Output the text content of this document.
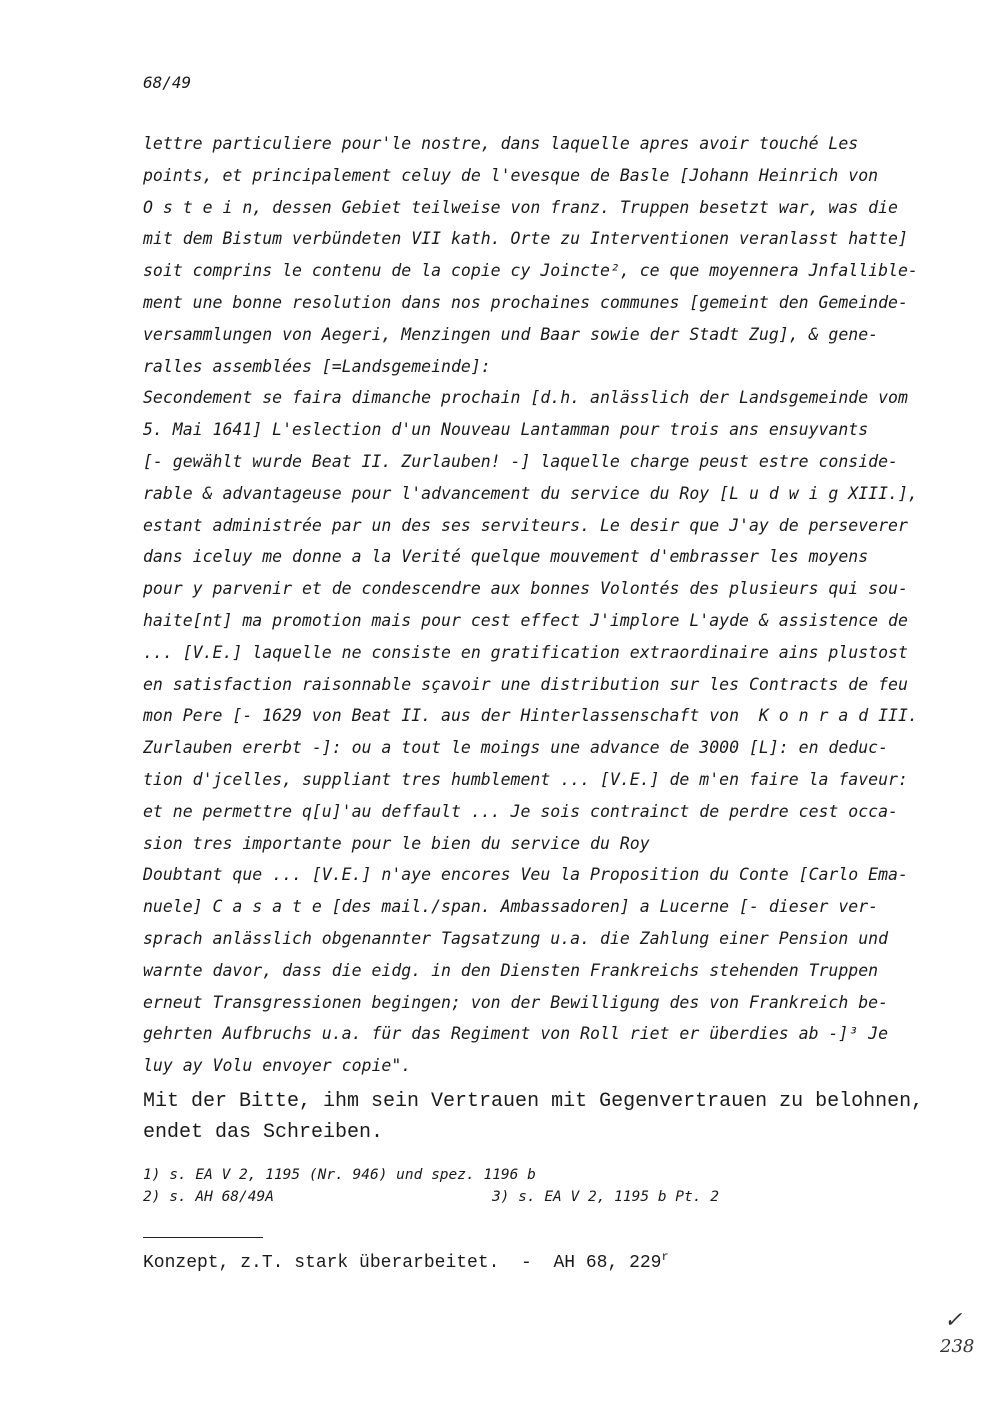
68/49
lettre particuliere pour'le nostre, dans laquelle apres avoir touché Les
points, et principalement celuy de l'evesque de Basle [Johann Heinrich von
O s t e i n, dessen Gebiet teilweise von franz. Truppen besetzt war, was die
mit dem Bistum verbündeten VII kath. Orte zu Interventionen veranlasst hatte]
soit comprins le contenu de la copie cy Joincte², ce que moyennera Jnfallible-
ment une bonne resolution dans nos prochaines communes [gemeint den Gemeinde-
versammlungen von Aegeri, Menzingen und Baar sowie der Stadt Zug], & gene-
ralles assemblées [=Landsgemeinde]:
Secondement se faira dimanche prochain [d.h. anlässlich der Landsgemeinde vom
5. Mai 1641] L'eslection d'un Nouveau Lantamman pour trois ans ensuyvants
[- gewählt wurde Beat II. Zurlauben! -] laquelle charge peust estre conside-
rable & advantageuse pour l'advancement du service du Roy [L u d w i g XIII.],
estant administrée par un des ses serviteurs. Le desir que J'ay de perseverer
dans iceluy me donne a la Verité quelque mouvement d'embrasser les moyens
pour y parvenir et de condescendre aux bonnes Volontés des plusieurs qui sou-
haite[nt] ma promotion mais pour cest effect J'implore L'ayde & assistence de
... [V.E.] laquelle ne consiste en gratification extraordinaire ains plustost
en satisfaction raisonnable sçavoir une distribution sur les Contracts de feu
mon Pere [- 1629 von Beat II. aus der Hinterlassenschaft von  K o n r a d III.
Zurlauben ererbt -]: ou a tout le moings une advance de 3000 [L]: en deduc-
tion d'jcelles, suppliant tres humblement ... [V.E.] de m'en faire la faveur:
et ne permettre q[u]'au deffault ... Je sois contrainct de perdre cest occa-
sion tres importante pour le bien du service du Roy
Doubtant que ... [V.E.] n'aye encores Veu la Proposition du Conte [Carlo Ema-
nuele] C a s a t e [des mail./span. Ambassadoren] a Lucerne [- dieser ver-
sprach anlässlich obgenannter Tagsatzung u.a. die Zahlung einer Pension und
warnte davor, dass die eidg. in den Diensten Frankreichs stehenden Truppen
erneut Transgressionen begingen; von der Bewilligung des von Frankreich be-
gehrten Aufbruchs u.a. für das Regiment von Roll riet er überdies ab -]³ Je
luy ay Volu envoyer copie".
Mit der Bitte, ihm sein Vertrauen mit Gegenvertrauen zu belohnen,
endet das Schreiben.
1) s. EA V 2, 1195 (Nr. 946) und spez. 1196 b
2) s. AH 68/49A	3) s. EA V 2, 1195 b Pt. 2
Konzept, z.T. stark überarbeitet.  -  AH 68, 229$^r$
✓
238
